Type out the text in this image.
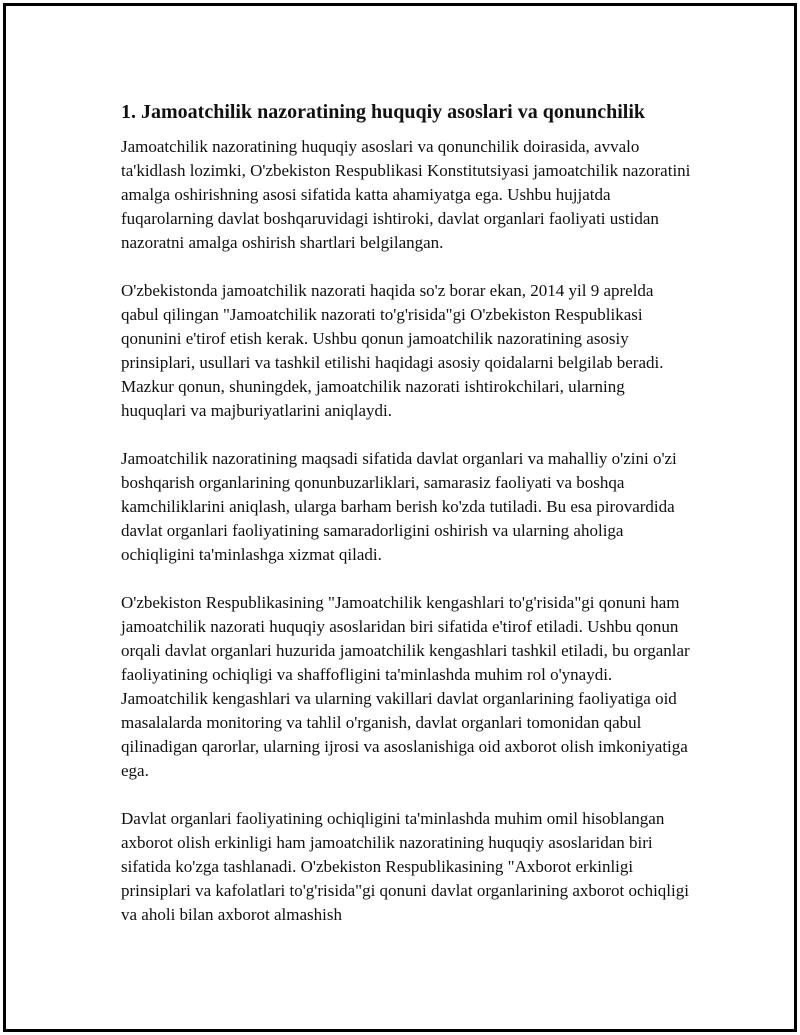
1. Jamoatchilik nazoratining huquqiy asoslari va qonunchilik

Jamoatchilik nazoratining huquqiy asoslari va qonunchilik doirasida, avvalo ta'kidlash lozimki, O'zbekiston Respublikasi Konstitutsiyasi jamoatchilik nazoratini amalga oshirishning asosi sifatida katta ahamiyatga ega. Ushbu hujjatda fuqarolarning davlat boshqaruvidagi ishtiroki, davlat organlari faoliyati ustidan nazoratni amalga oshirish shartlari belgilangan.

O'zbekistonda jamoatchilik nazorati haqida so'z borar ekan, 2014 yil 9 aprelda qabul qilingan "Jamoatchilik nazorati to'g'risida"gi O'zbekiston Respublikasi qonunini e'tirof etish kerak. Ushbu qonun jamoatchilik nazoratining asosiy prinsiplari, usullari va tashkil etilishi haqidagi asosiy qoidalarni belgilab beradi. Mazkur qonun, shuningdek, jamoatchilik nazorati ishtirokchilari, ularning huquqlari va majburiyatlarini aniqlaydi.

Jamoatchilik nazoratining maqsadi sifatida davlat organlari va mahalliy o'zini o'zi boshqarish organlarining qonunbuzarliklari, samarasiz faoliyati va boshqa kamchiliklarini aniqlash, ularga barham berish ko'zda tutiladi. Bu esa pirovardida davlat organlari faoliyatining samaradorligini oshirish va ularning aholiga ochiqligini ta'minlashga xizmat qiladi.

O'zbekiston Respublikasining "Jamoatchilik kengashlari to'g'risida"gi qonuni ham jamoatchilik nazorati huquqiy asoslaridan biri sifatida e'tirof etiladi. Ushbu qonun orqali davlat organlari huzurida jamoatchilik kengashlari tashkil etiladi, bu organlar faoliyatining ochiqligi va shaffofligini ta'minlashda muhim rol o'ynaydi. Jamoatchilik kengashlari va ularning vakillari davlat organlarining faoliyatiga oid masalalarda monitoring va tahlil o'rganish, davlat organlari tomonidan qabul qilinadigan qarorlar, ularning ijrosi va asoslanishiga oid axborot olish imkoniyatiga ega.

Davlat organlari faoliyatining ochiqligini ta'minlashda muhim omil hisoblangan axborot olish erkinligi ham jamoatchilik nazoratining huquqiy asoslaridan biri sifatida ko'zga tashlanadi. O'zbekiston Respublikasining "Axborot erkinligi prinsiplari va kafolatlari to'g'risida"gi qonuni davlat organlarining axborot ochiqligi va aholi bilan axborot almashish
